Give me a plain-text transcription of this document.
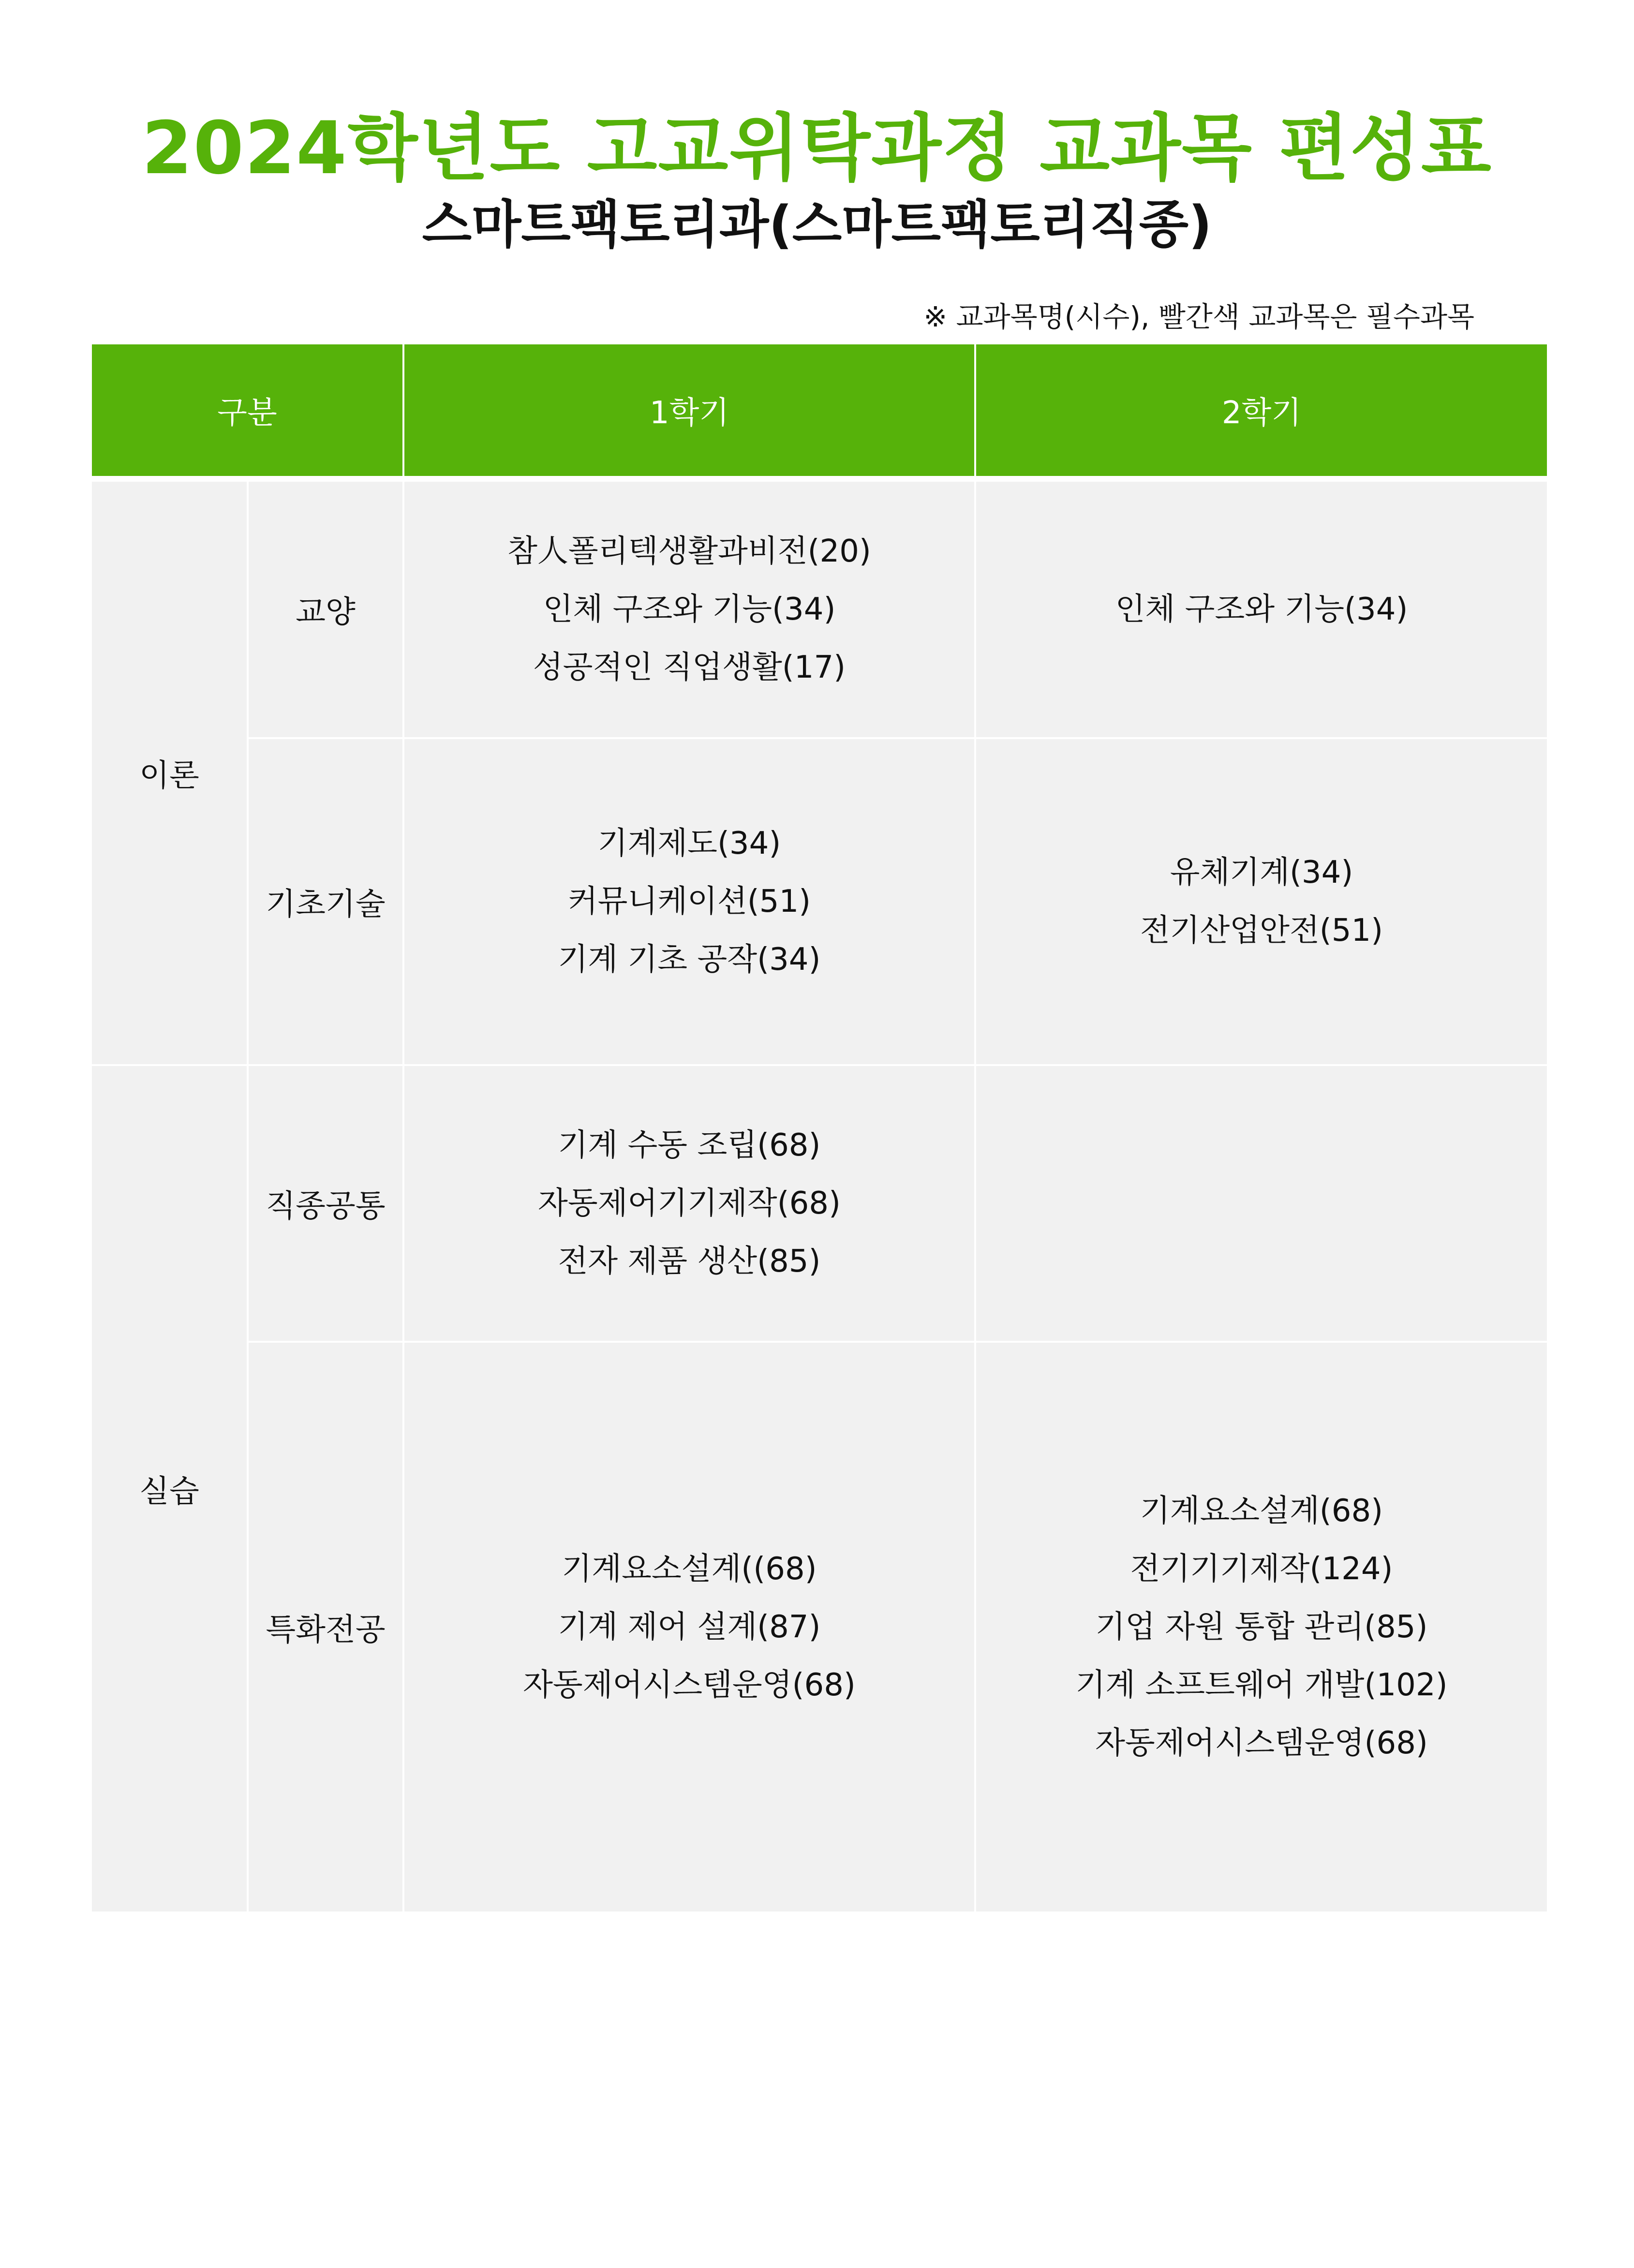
2024학년도 고교위탁과정 교과목 편성표
스마트팩토리과(스마트팩토리직종)
※ 교과목명(시수), 빨간색 교과목은 필수과목
구분		1학기	2학기
이론	교양	참人폴리텍생활과비전(20)
인체 구조와 기능(34)
성공적인 직업생활(17)	인체 구조와 기능(34)

	기초기술	기계제도(34)
커뮤니케이션(51)
기계 기초 공작(34)	유체기계(34)
전기산업안전(51)

실습	직종공통	기계 수동 조립(68)
자동제어기기제작(68)
전자 제품 생산(85)	

	특화전공	기계요소설계((68)
기계 제어 설계(87)
자동제어시스템운영(68)	기계요소설계(68)
전기기기제작(124)
기업 자원 통합 관리(85)
기계 소프트웨어 개발(102)
자동제어시스템운영(68)
